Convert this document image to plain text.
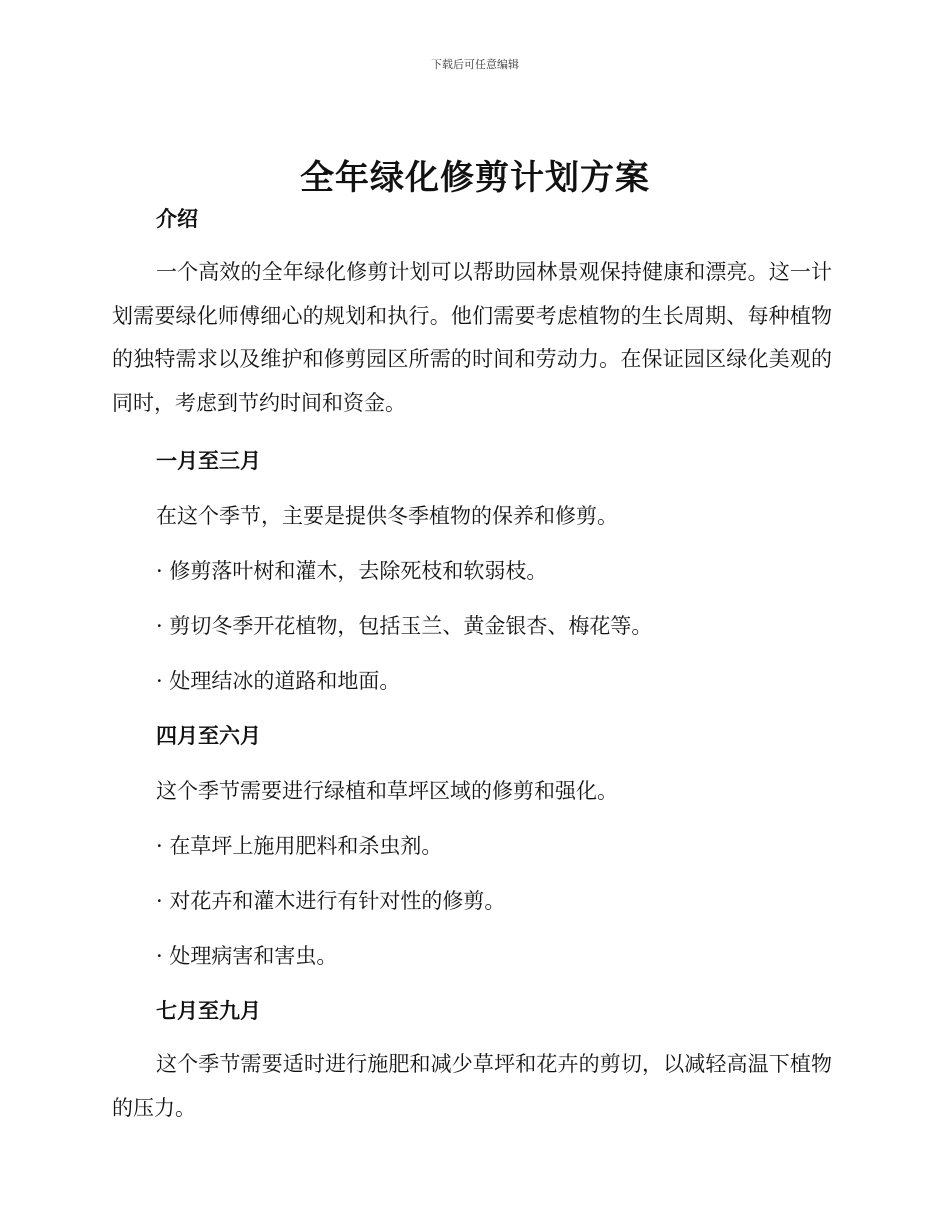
下载后可任意编辑
全年绿化修剪计划方案
介绍

一个高效的全年绿化修剪计划可以帮助园林景观保持健康和漂亮。这一计划需要绿化师傅细心的规划和执行。他们需要考虑植物的生长周期、每种植物的独特需求以及维护和修剪园区所需的时间和劳动力。在保证园区绿化美观的同时，考虑到节约时间和资金。

一月至三月

在这个季节，主要是提供冬季植物的保养和修剪。

· 修剪落叶树和灌木，去除死枝和软弱枝。

· 剪切冬季开花植物，包括玉兰、黄金银杏、梅花等。

· 处理结冰的道路和地面。

四月至六月

这个季节需要进行绿植和草坪区域的修剪和强化。

· 在草坪上施用肥料和杀虫剂。

· 对花卉和灌木进行有针对性的修剪。

· 处理病害和害虫。

七月至九月

这个季节需要适时进行施肥和减少草坪和花卉的剪切，以减轻高温下植物的压力。
